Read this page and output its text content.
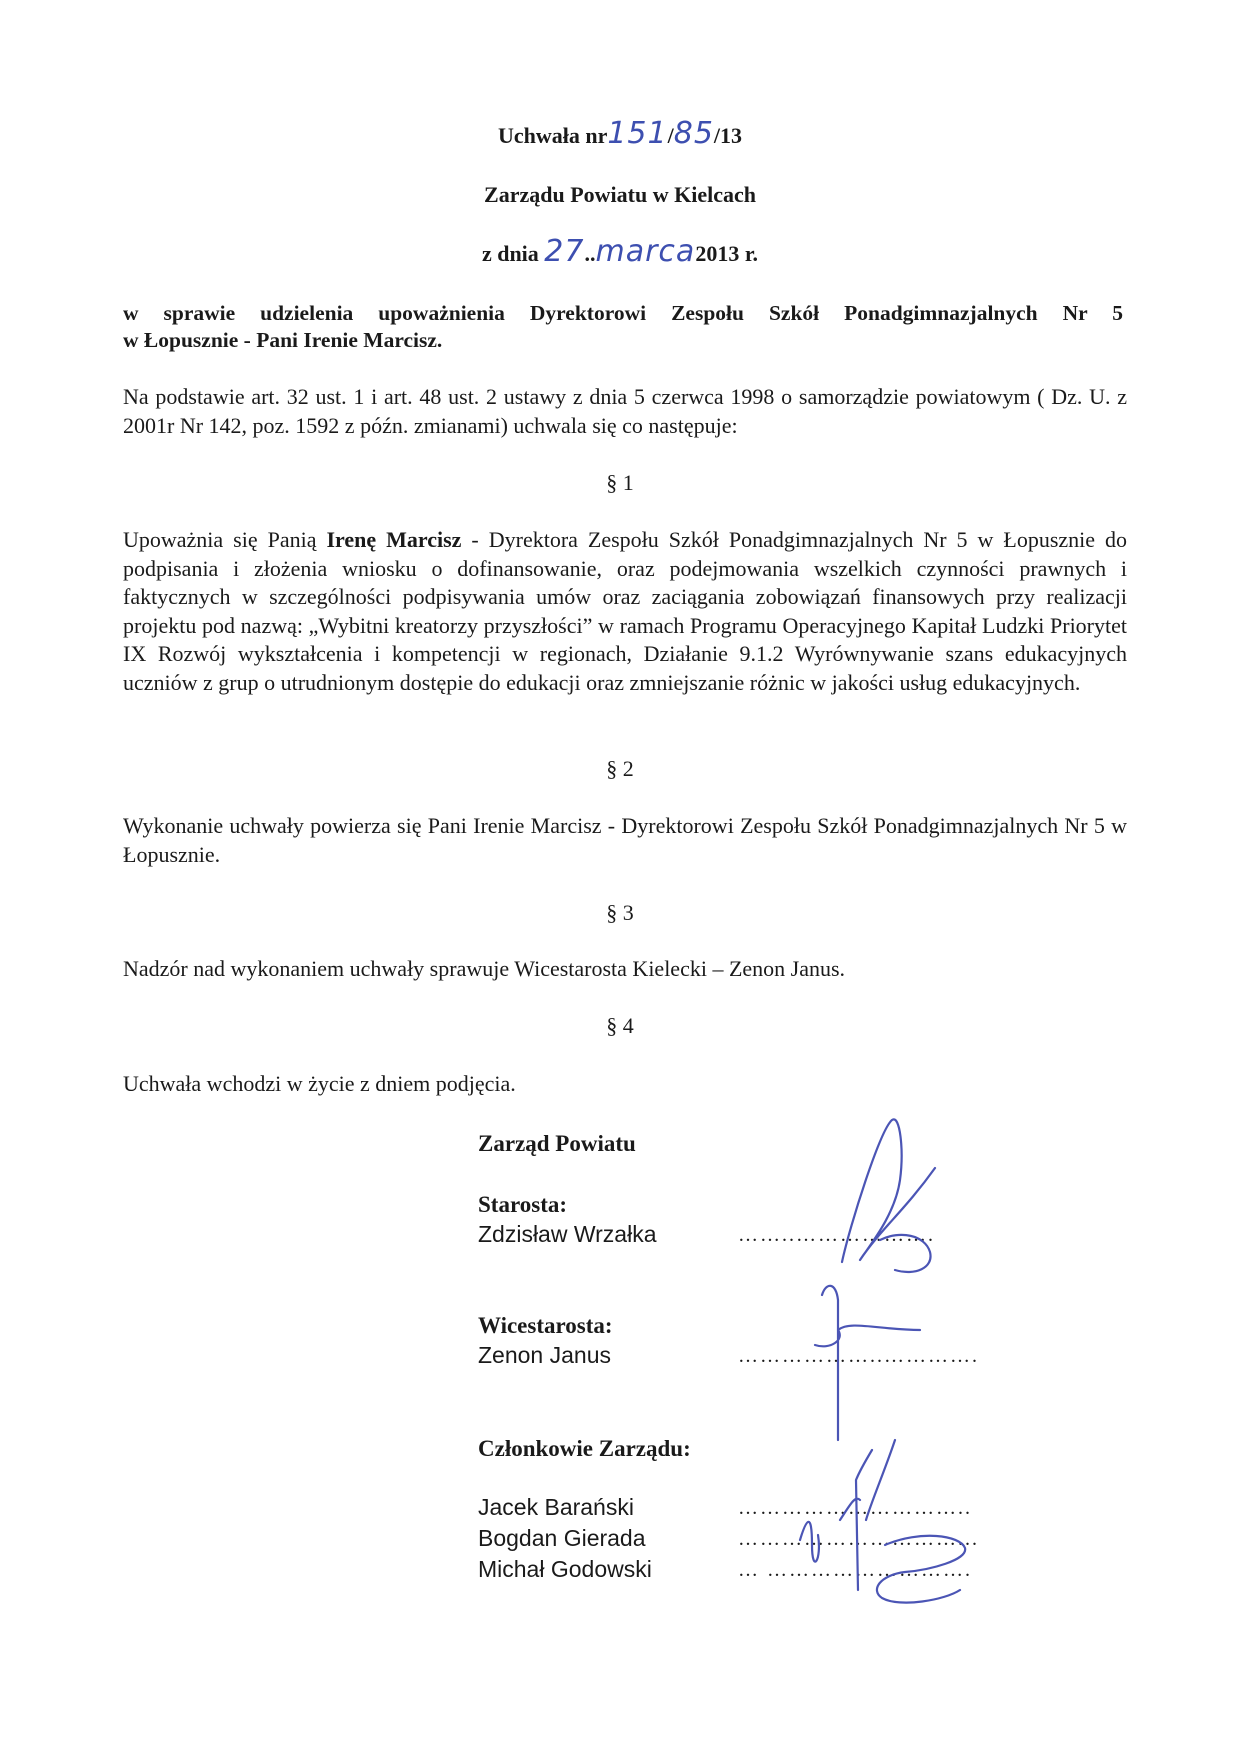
Uchwała nr151/85/13
Zarządu Powiatu w Kielcach
z dnia 27..marca2013 r.
w sprawie udzielenia upoważnienia Dyrektorowi Zespołu Szkół Ponadgimnazjalnych Nr 5
w Łopusznie - Pani Irenie Marcisz.
Na podstawie art. 32 ust. 1 i art. 48 ust. 2 ustawy z dnia 5 czerwca 1998 o samorządzie powiatowym ( Dz. U. z 2001r Nr 142, poz. 1592 z późn. zmianami) uchwala się co następuje:
§ 1
Upoważnia się Panią Irenę Marcisz - Dyrektora Zespołu Szkół Ponadgimnazjalnych Nr 5 w Łopusznie do podpisania i złożenia wniosku o dofinansowanie, oraz podejmowania wszelkich czynności prawnych i faktycznych w szczególności podpisywania umów oraz zaciągania zobowiązań finansowych przy realizacji projektu pod nazwą: „Wybitni kreatorzy przyszłości” w ramach Programu Operacyjnego Kapitał Ludzki Priorytet IX Rozwój wykształcenia i kompetencji w regionach, Działanie 9.1.2 Wyrównywanie szans edukacyjnych uczniów z grup o utrudnionym dostępie do edukacji oraz zmniejszanie różnic w jakości usług edukacyjnych.
§ 2
Wykonanie uchwały powierza się Pani Irenie Marcisz - Dyrektorowi Zespołu Szkół Ponadgimnazjalnych Nr 5 w Łopusznie.
§ 3
Nadzór nad wykonaniem uchwały sprawuje Wicestarosta Kielecki – Zenon Janus.
§ 4
Uchwała wchodzi w życie z dniem podjęcia.
Zarząd Powiatu
Starosta:
Zdzisław Wrzałka	……..……………….
Wicestarosta:
Zenon Janus	………………..………….
Członkowie Zarządu:
Jacek Barański	…………………………..
Bogdan Gierada	…………………………...
Michał Godowski	… ……………………….
